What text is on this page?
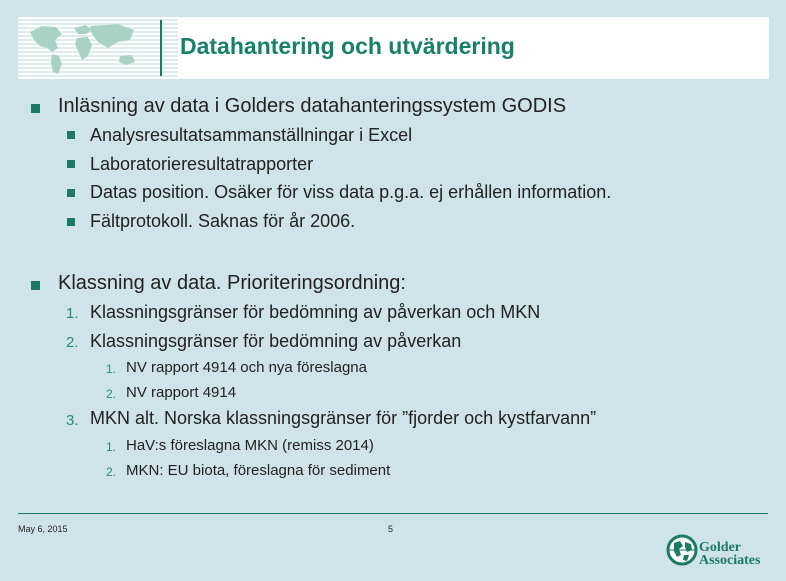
Datahantering och utvärdering
Inläsning av data i Golders datahanteringssystem GODIS
Analysresultatsammanställningar i Excel
Laboratorieresultatrapporter
Datas position. Osäker för viss data p.g.a. ej erhållen information.
Fältprotokoll. Saknas för år 2006.
Klassning av data. Prioriteringsordning:
1. Klassningsgränser för bedömning av påverkan och MKN
2. Klassningsgränser för bedömning av påverkan
1. NV rapport 4914 och nya föreslagna
2. NV rapport 4914
3. MKN alt. Norska klassningsgränser för ”fjorder och kystfarvann”
1. HaV:s föreslagna MKN (remiss 2014)
2. MKN: EU biota, föreslagna för sediment
May 6, 2015	5
Golder
Associates
